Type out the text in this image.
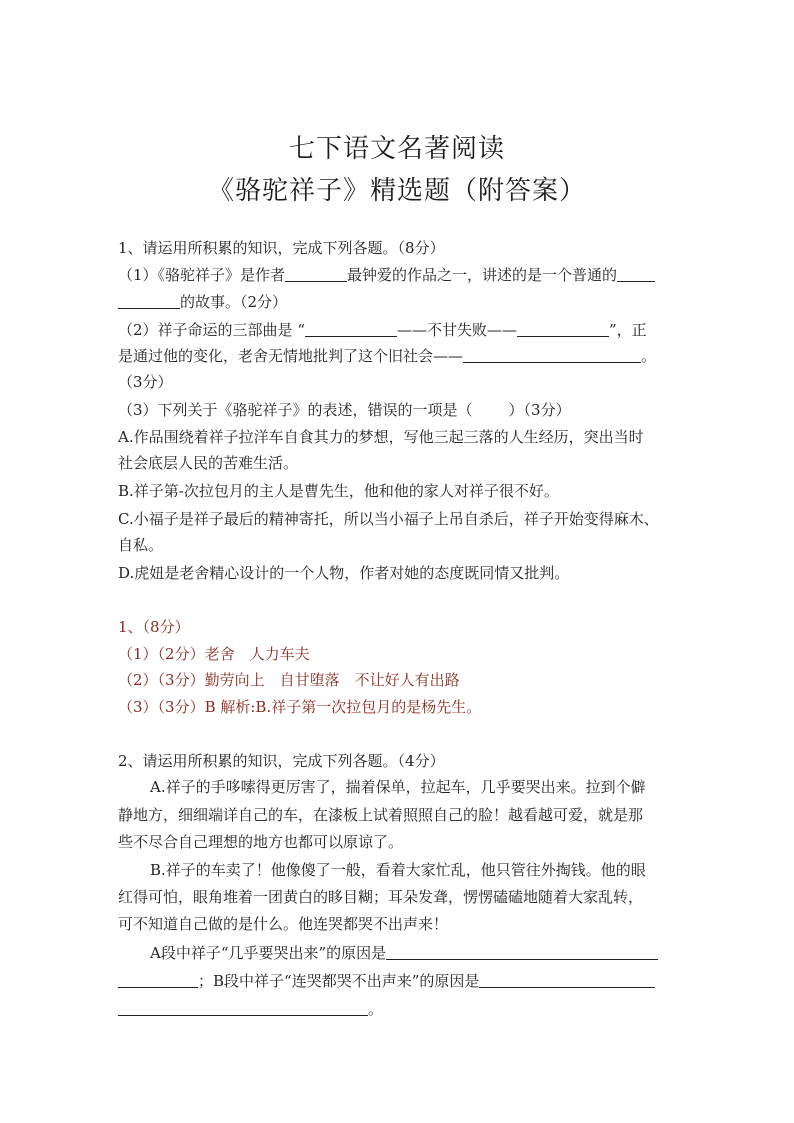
七下语文名著阅读
《骆驼祥子》精选题（附答案）
1、请运用所积累的知识，完成下列各题。（8分）
（1）《骆驼祥子》是作者	最钟爱的作品之一，讲述的是一个普通的
的故事。（2分）
（2）祥子命运的三部曲是 “	——不甘失败——	”，正
是通过他的变化，老舍无情地批判了这个旧社会——	。
（3分）
（3）下列关于《骆驼祥子》的表述，错误的一项是（ ）（3分）
A.作品围绕着祥子拉洋车自食其力的梦想，写他三起三落的人生经历，突出当时
社会底层人民的苦难生活。
B.祥子第-次拉包月的主人是曹先生，他和他的家人对祥子很不好。
C.小福子是祥子最后的精神寄托，所以当小福子上吊自杀后，祥子开始变得麻木、
自私。
D.虎妞是老舍精心设计的一个人物，作者对她的态度既同情又批判。
1、（8分）
（1）（2分）老舍　人力车夫
（2）（3分）勤劳向上　自甘堕落　不让好人有出路
（3）（3分）B 解析:B.祥子第一次拉包月的是杨先生。
2、请运用所积累的知识，完成下列各题。（4分）
A.祥子的手哆嗦得更厉害了，揣着保单，拉起车，几乎要哭出来。拉到个僻
静地方，细细端详自己的车，在漆板上试着照照自己的脸！越看越可爱，就是那
些不尽合自己理想的地方也都可以原谅了。
B.祥子的车卖了！他像傻了一般，看着大家忙乱，他只管往外掏钱。他的眼
红得可怕，眼角堆着一团黄白的眵目糊；耳朵发聋，愣愣磕磕地随着大家乱转，
可不知道自己做的是什么。他连哭都哭不出声来！
A段中祥子“几乎要哭出来”的原因是
；B段中祥子“连哭都哭不出声来”的原因是
。
